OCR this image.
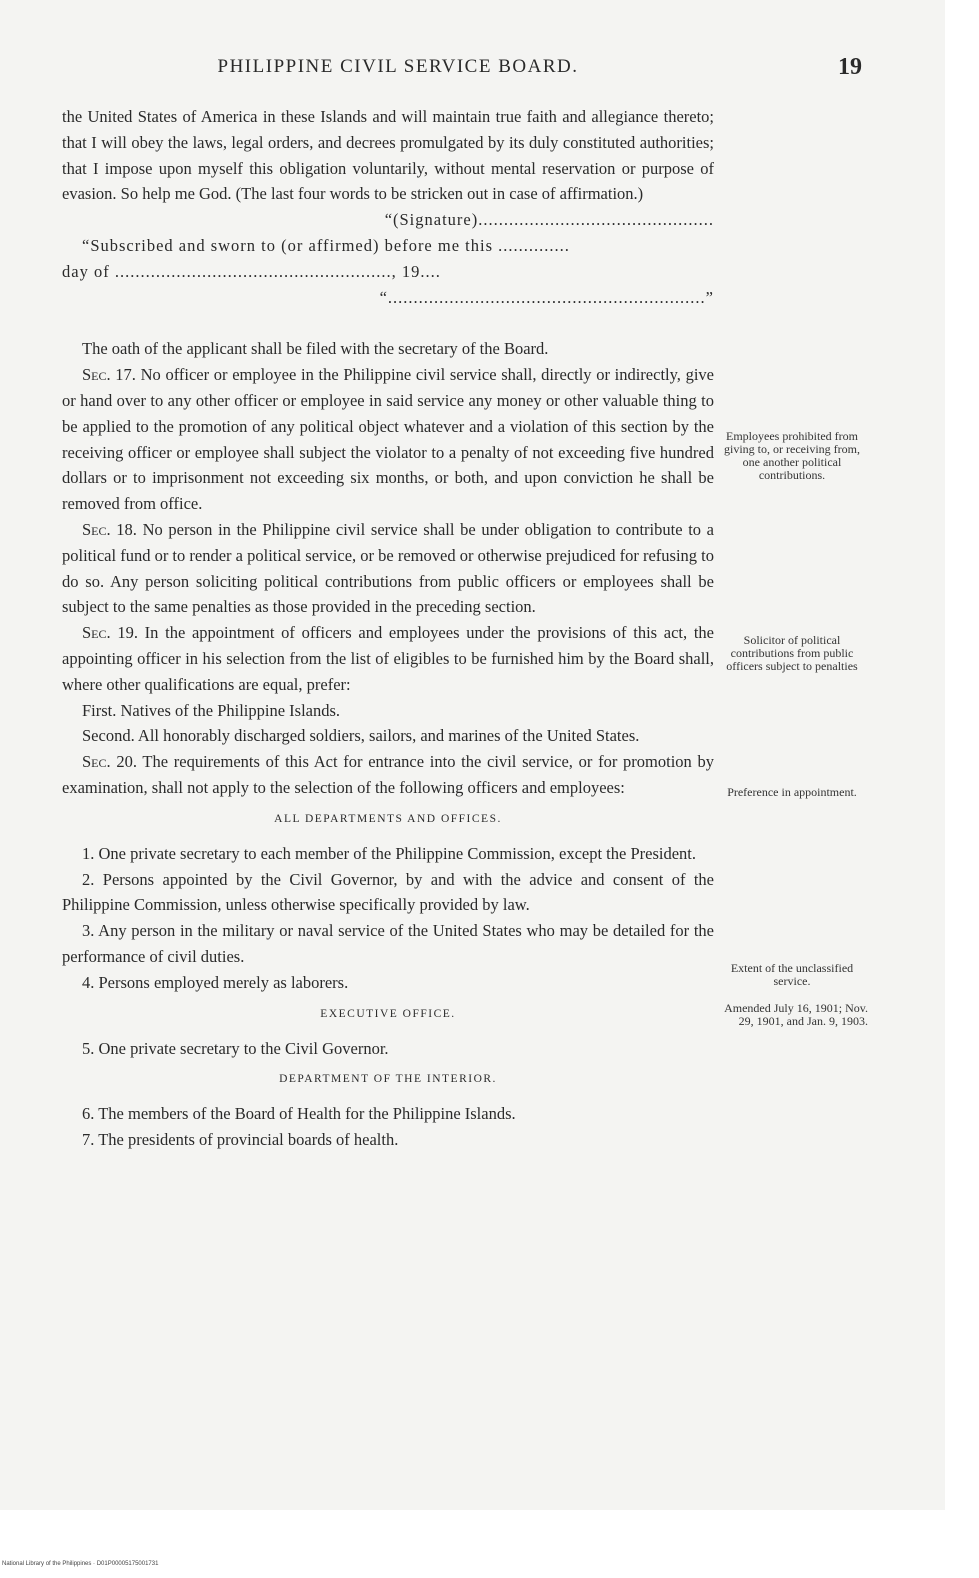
PHILIPPINE CIVIL SERVICE BOARD.	19

the United States of America in these Islands and will maintain true faith and allegiance thereto; that I will obey the laws, legal orders, and decrees promulgated by its duly constituted authorities; that I impose upon myself this obligation voluntarily, without mental reservation or purpose of evasion. So help me God. (The last four words to be stricken out in case of affirmation.)

“(Signature)..............................................

“Subscribed and sworn to (or affirmed) before me this ..............

day of ......................................................, 19....

“..............................................................”

The oath of the applicant shall be filed with the secretary of the Board.

Sec. 17. No officer or employee in the Philippine civil service shall, directly or indirectly, give or hand over to any other officer or employee in said service any money or other valuable thing to be applied to the promotion of any political object whatever and a violation of this section by the receiving officer or employee shall subject the violator to a penalty of not exceeding five hundred dollars or to imprisonment not exceeding six months, or both, and upon conviction he shall be removed from office.

Sec. 18. No person in the Philippine civil service shall be under obligation to contribute to a political fund or to render a political service, or be removed or otherwise prejudiced for refusing to do so. Any person soliciting political contributions from public officers or employees shall be subject to the same penalties as those provided in the preceding section.

Sec. 19. In the appointment of officers and employees under the provisions of this act, the appointing officer in his selection from the list of eligibles to be furnished him by the Board shall, where other qualifications are equal, prefer:

First. Natives of the Philippine Islands.

Second. All honorably discharged soldiers, sailors, and marines of the United States.

Sec. 20. The requirements of this Act for entrance into the civil service, or for promotion by examination, shall not apply to the selection of the following officers and employees:

ALL DEPARTMENTS AND OFFICES.

1. One private secretary to each member of the Philippine Commission, except the President.

2. Persons appointed by the Civil Governor, by and with the advice and consent of the Philippine Commission, unless otherwise specifically provided by law.

3. Any person in the military or naval service of the United States who may be detailed for the performance of civil duties.

4. Persons employed merely as laborers.

EXECUTIVE OFFICE.

5. One private secretary to the Civil Governor.

DEPARTMENT OF THE INTERIOR.

6. The members of the Board of Health for the Philippine Islands.

7. The presidents of provincial boards of health.

Employees prohibited from giving to, or receiving from, one another political contributions.
Solicitor of political contributions from public officers subject to penalties
Preference in appointment.
Extent of the unclassified service.
Amended July 16, 1901; Nov. 29, 1901, and Jan. 9, 1903.
National Library of the Philippines · D01P00005175001731
